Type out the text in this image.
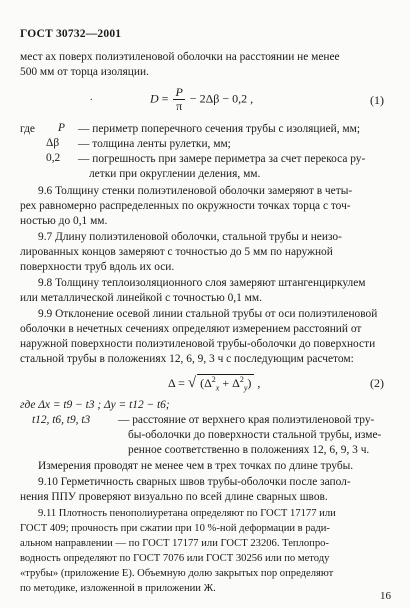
ГОСТ 30732—2001
мест ах поверх полиэтиленовой оболочки на расстоянии не менее
500 мм от торца изоляции.
.	$D = \frac{P}{\pi} - 2\Delta\beta - 0,2$ ,	(1)
где P — периметр поперечного сечения трубы с изоляцией, мм;
Δβ — толщина ленты рулетки, мм;
0,2 — погрешность при замере периметра за счет перекоса ру-
летки при округлении деления, мм.
9.6 Толщину стенки полиэтиленовой оболочки замеряют в четы-
рех равномерно распределенных по окружности точках торца с точ-
ностью до 0,1 мм.
9.7 Длину полиэтиленовой оболочки, стальной трубы и неизо-
лированных концов замеряют с точностью до 5 мм по наружной
поверхности труб вдоль их оси.
9.8 Толщину теплоизоляционного слоя замеряют штангенциркулем
или металлической линейкой с точностью 0,1 мм.
9.9 Отклонение осевой линии стальной трубы от оси полиэтиленовой
оболочки в нечетных сечениях определяют измерением расстояний от
наружной поверхности полиэтиленовой трубы-оболочки до поверхности
стальной трубы в положениях 12, 6, 9, 3 ч с последующим расчетом:
Δ = √ $(\Delta^2_x + \Delta^2_y)$ ,	(2)
где Δx = t9 − t3 ; Δy = t12 − t6;
t12, t6, t9, t3 — расстояние от верхнего края полиэтиленовой тру-
бы-оболочки до поверхности стальной трубы, изме-
ренное соответственно в положениях 12, 6, 9, 3 ч.
Измерения проводят не менее чем в трех точках по длине трубы.
9.10 Герметичность сварных швов трубы-оболочки после запол-
нения ППУ проверяют визуально по всей длине сварных швов.
9.11 Плотность пенополиуретана определяют по ГОСТ 17177 или
ГОСТ 409; прочность при сжатии при 10 %-ной деформации в ради-
альном направлении — по ГОСТ 17177 или ГОСТ 23206. Теплопро-
водность определяют по ГОСТ 7076 или ГОСТ 30256 или по методу
16
«трубы» (приложение Е). Объемную долю закрытых пор определяют
по методике, изложенной в приложении Ж.
